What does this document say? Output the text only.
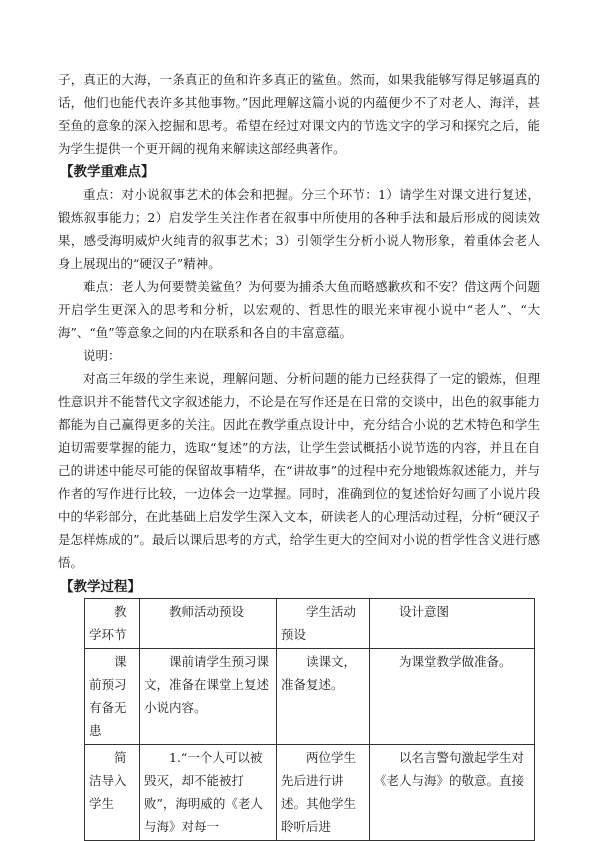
子，真正的大海，一条真正的鱼和许多真正的鲨鱼。然而，如果我能够写得足够逼真的话，他们也能代表许多其他事物。”因此理解这篇小说的内蕴便少不了对老人、海洋，甚至鱼的意象的深入挖掘和思考。希望在经过对课文内的节选文字的学习和探究之后，能为学生提供一个更开阔的视角来解读这部经典著作。

【教学重难点】

重点：对小说叙事艺术的体会和把握。分三个环节：1）请学生对课文进行复述，锻炼叙事能力；2）启发学生关注作者在叙事中所使用的各种手法和最后形成的阅读效果，感受海明威炉火纯青的叙事艺术；3）引领学生分析小说人物形象，着重体会老人身上展现出的“硬汉子”精神。

难点：老人为何要赞美鲨鱼？为何要为捕杀大鱼而略感歉疚和不安？借这两个问题开启学生更深入的思考和分析，以宏观的、哲思性的眼光来审视小说中“老人”、“大海”、“鱼”等意象之间的内在联系和各自的丰富意蕴。

说明：

对高三年级的学生来说，理解问题、分析问题的能力已经获得了一定的锻炼，但理性意识并不能替代文字叙述能力，不论是在写作还是在日常的交谈中，出色的叙事能力都能为自己赢得更多的关注。因此在教学重点设计中，充分结合小说的艺术特色和学生迫切需要掌握的能力，选取“复述”的方法，让学生尝试概括小说节选的内容，并且在自己的讲述中能尽可能的保留故事精华，在“讲故事”的过程中充分地锻炼叙述能力，并与作者的写作进行比较，一边体会一边掌握。同时，准确到位的复述恰好勾画了小说片段中的华彩部分，在此基础上启发学生深入文本，研读老人的心理活动过程，分析“硬汉子是怎样炼成的”。最后以课后思考的方式，给学生更大的空间对小说的哲学性含义进行感悟。

【教学过程】
教学环节	教师活动预设	学生活动预设	设计意图
课前预习　有备无患	课前请学生预习课文，准备在课堂上复述小说内容。	读课文，准备复述。	为课堂教学做准备。
简洁导入　学生	1.“一个人可以被毁灭，却不能被打败”，海明威的《老人与海》对每一	两位学生先后进行讲述。其他学生聆听后进	以名言警句激起学生对《老人与海》的敬意。直接
